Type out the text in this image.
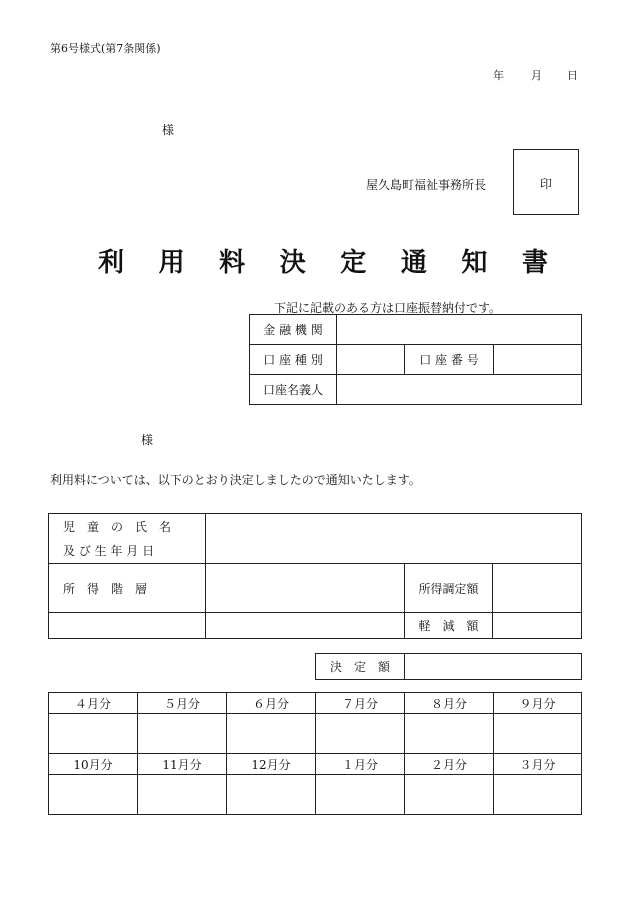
第6号様式(第7条関係)
年 月 日
様
屋久島町福祉事務所長	印
利 用 料 決 定 通 知 書
下記に記載のある方は口座振替納付です。
金 融 機 関			
口 座 種 別		口 座 番 号	
口座名義人			
様
利用料については、以下のとおり決定しましたので通知いたします。
児　童　の　氏　名
及 び 生 年 月 日			

所　得　階　層		所得調定額	
		軽　減　額	
決　定　額	
４月分	５月分	６月分	７月分	８月分	９月分

10月分	11月分	12月分	１月分	２月分	３月分
